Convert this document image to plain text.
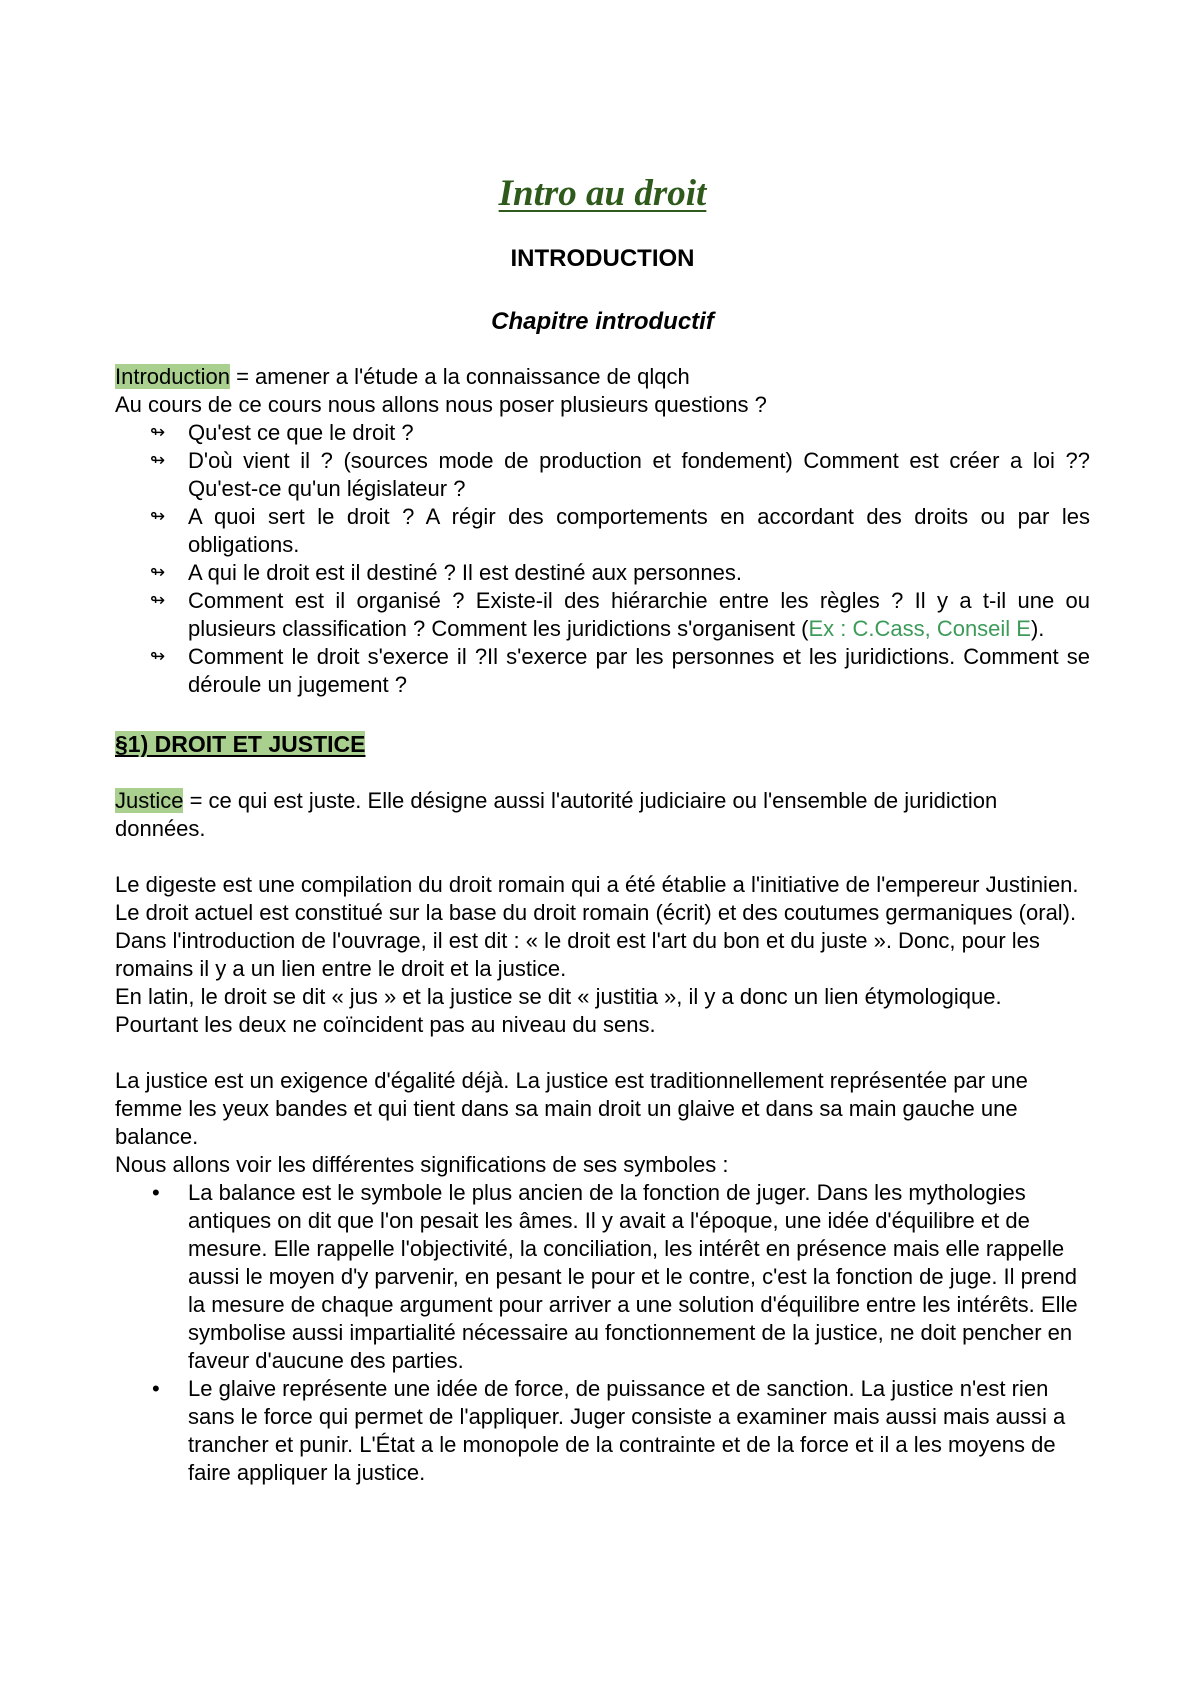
Intro au droit
INTRODUCTION
Chapitre introductif

Introduction = amener a l'étude a la connaissance de qlqch

Au cours de ce cours nous allons nous poser plusieurs questions ?

↬ Qu'est ce que le droit ?
↬ D'où vient il ? (sources mode de production et fondement) Comment est créer a loi ?? Qu'est-ce qu'un législateur ?
↬ A quoi sert le droit ? A régir des comportements en accordant des droits ou par les obligations.
↬ A qui le droit est il destiné ? Il est destiné aux personnes.
↬ Comment est il organisé ? Existe-il des hiérarchie entre les règles ? Il y a t-il une ou plusieurs classification ? Comment les juridictions s'organisent (Ex : C.Cass, Conseil E).
↬ Comment le droit s'exerce il ?Il s'exerce par les personnes et les juridictions. Comment se déroule un jugement ?
§1) DROIT ET JUSTICE

Justice = ce qui est juste. Elle désigne aussi l'autorité judiciaire ou l'ensemble de juridiction données.

Le digeste est une compilation du droit romain qui a été établie a l'initiative de l'empereur Justinien. Le droit actuel est constitué sur la base du droit romain (écrit) et des coutumes germaniques (oral). Dans l'introduction de l'ouvrage, il est dit : « le droit est l'art du bon et du juste ». Donc, pour les romains il y a un lien entre le droit et la justice.

En latin, le droit se dit « jus » et la justice se dit « justitia », il y a donc un lien étymologique. Pourtant les deux ne coïncident pas au niveau du sens.

La justice est un exigence d'égalité déjà. La justice est traditionnellement représentée par une femme les yeux bandes et qui tient dans sa main droit un glaive et dans sa main gauche une balance.

Nous allons voir les différentes significations de ses symboles :

• La balance est le symbole le plus ancien de la fonction de juger. Dans les mythologies antiques on dit que l'on pesait les âmes. Il y avait a l'époque, une idée d'équilibre et de mesure. Elle rappelle l'objectivité, la conciliation, les intérêt en présence mais elle rappelle aussi le moyen d'y parvenir, en pesant le pour et le contre, c'est la fonction de juge. Il prend la mesure de chaque argument pour arriver a une solution d'équilibre entre les intérêts. Elle symbolise aussi impartialité nécessaire au fonctionnement de la justice, ne doit pencher en faveur d'aucune des parties.
• Le glaive représente une idée de force, de puissance et de sanction. La justice n'est rien sans le force qui permet de l'appliquer. Juger consiste a examiner mais aussi mais aussi a trancher et punir. L'État a le monopole de la contrainte et de la force et il a les moyens de faire appliquer la justice.
